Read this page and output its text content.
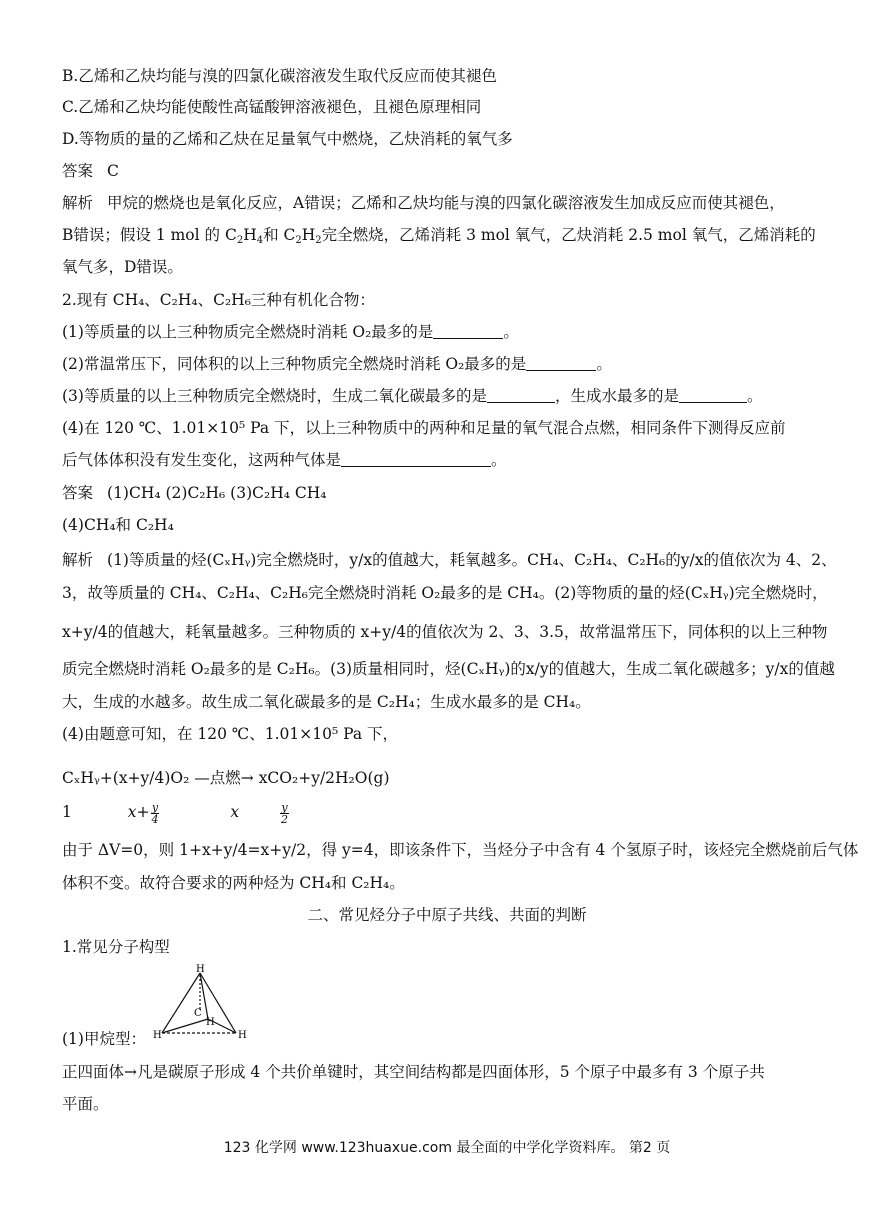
B.乙烯和乙炔均能与溴的四氯化碳溶液发生取代反应而使其褪色
C.乙烯和乙炔均能使酸性高锰酸钾溶液褪色，且褪色原理相同
D.等物质的量的乙烯和乙炔在足量氧气中燃烧，乙炔消耗的氧气多
答案 C
解析 甲烷的燃烧也是氧化反应，A错误；乙烯和乙炔均能与溴的四氯化碳溶液发生加成反应而使其褪色，
B错误；假设 1 mol 的 $C_2H_4$和 $C_2H_2$完全燃烧，乙烯消耗 3 mol 氧气，乙炔消耗 2.5 mol 氧气，乙烯消耗的
氧气多，D错误。
2.现有 CH₄、C₂H₄、C₂H₆三种有机化合物：
(1)等质量的以上三种物质完全燃烧时消耗 O₂最多的是	。
(2)常温常压下，同体积的以上三种物质完全燃烧时消耗 O₂最多的是	。
(3)等质量的以上三种物质完全燃烧时，生成二氧化碳最多的是	，生成水最多的是	。
(4)在 120 ℃、1.01×10⁵ Pa 下，以上三种物质中的两种和足量的氧气混合点燃，相同条件下测得反应前
后气体体积没有发生变化，这两种气体是	。
答案 (1)CH₄ (2)C₂H₆ (3)C₂H₄ CH₄
(4)CH₄和 C₂H₄
解析 (1)等质量的烃(CₓHᵧ)完全燃烧时，y/x的值越大，耗氧越多。CH₄、C₂H₄、C₂H₆的y/x的值依次为 4、2、
3，故等质量的 CH₄、C₂H₄、C₂H₆完全燃烧时消耗 O₂最多的是 CH₄。(2)等物质的量的烃(CₓHᵧ)完全燃烧时，
x+y/4的值越大，耗氧量越多。三种物质的 x+y/4的值依次为 2、3、3.5，故常温常压下，同体积的以上三种物
质完全燃烧时消耗 O₂最多的是 C₂H₆。(3)质量相同时，烃(CₓHᵧ)的x/y的值越大，生成二氧化碳越多；y/x的值越
大，生成的水越多。故生成二氧化碳最多的是 C₂H₄；生成水最多的是 CH₄。
(4)由题意可知，在 120 ℃、1.01×10⁵ Pa 下，
CₓHᵧ+(x+y/4)O₂ —点燃→ xCO₂+y/2H₂O(g)
1	$x+ \frac{y}{4}$	x	$\frac{y}{2}$
由于 ΔV=0，则 1+x+y/4=x+y/2，得 y=4，即该条件下，当烃分子中含有 4 个氢原子时，该烃完全燃烧前后气体
体积不变。故符合要求的两种烃为 CH₄和 C₂H₄。
二、常见烃分子中原子共线、共面的判断
1.常见分子构型
H
C
H	H
H
(1)甲烷型：
正四面体→凡是碳原子形成 4 个共价单键时，其空间结构都是四面体形，5 个原子中最多有 3 个原子共
平面。
123 化学网 www.123huaxue.com 最全面的中学化学资料库。 第2 页
